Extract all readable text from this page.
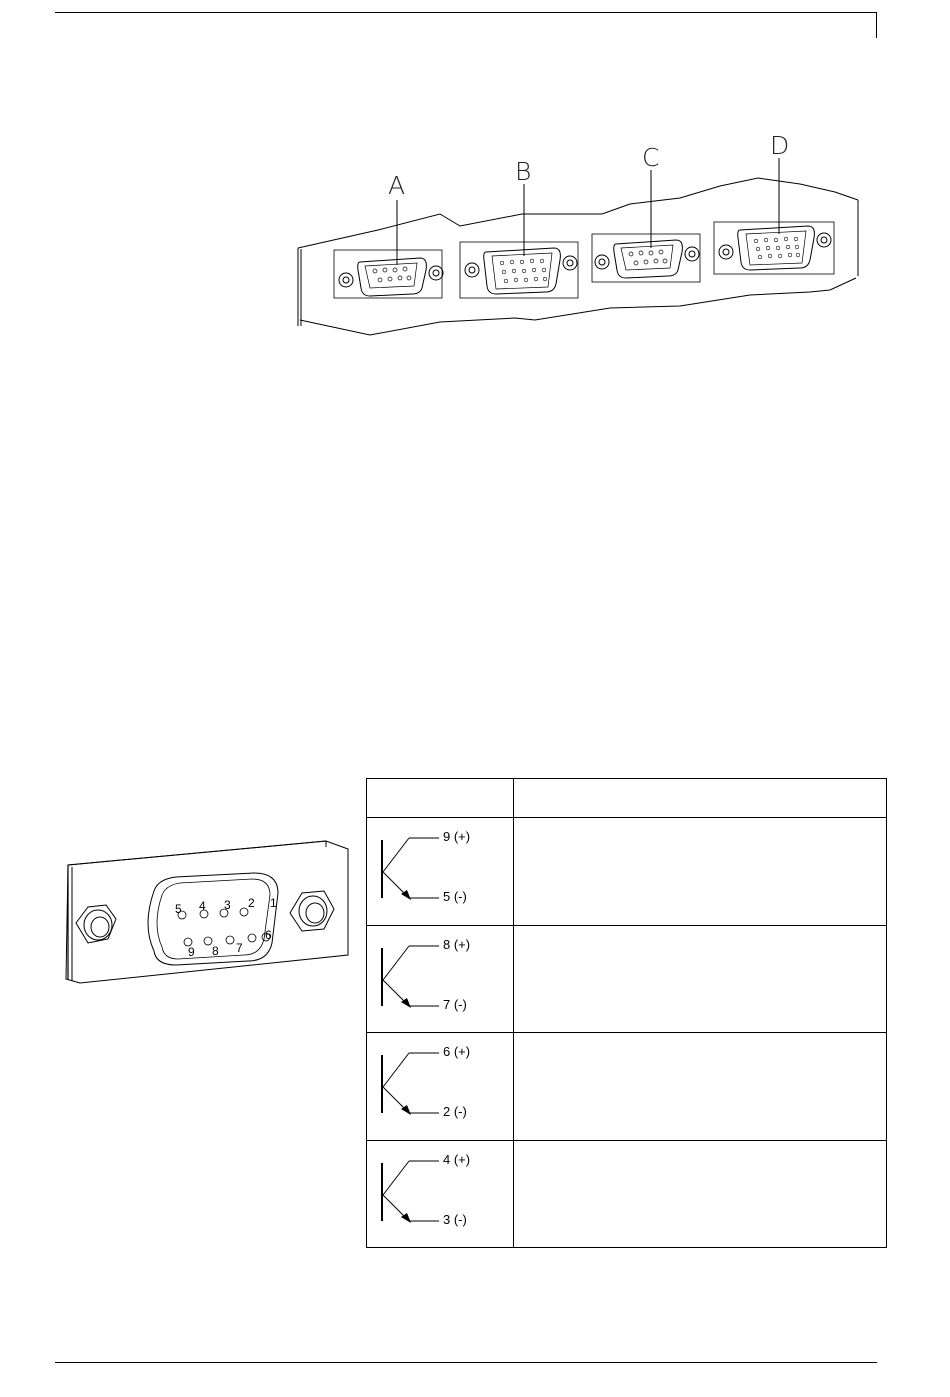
A	B	C	D
5 4 3 2 1
9 8 7
6

9 (+)
5 (-)	

8 (+)
7 (-)	

6 (+)
2 (-)	

4 (+)
3 (-)	
